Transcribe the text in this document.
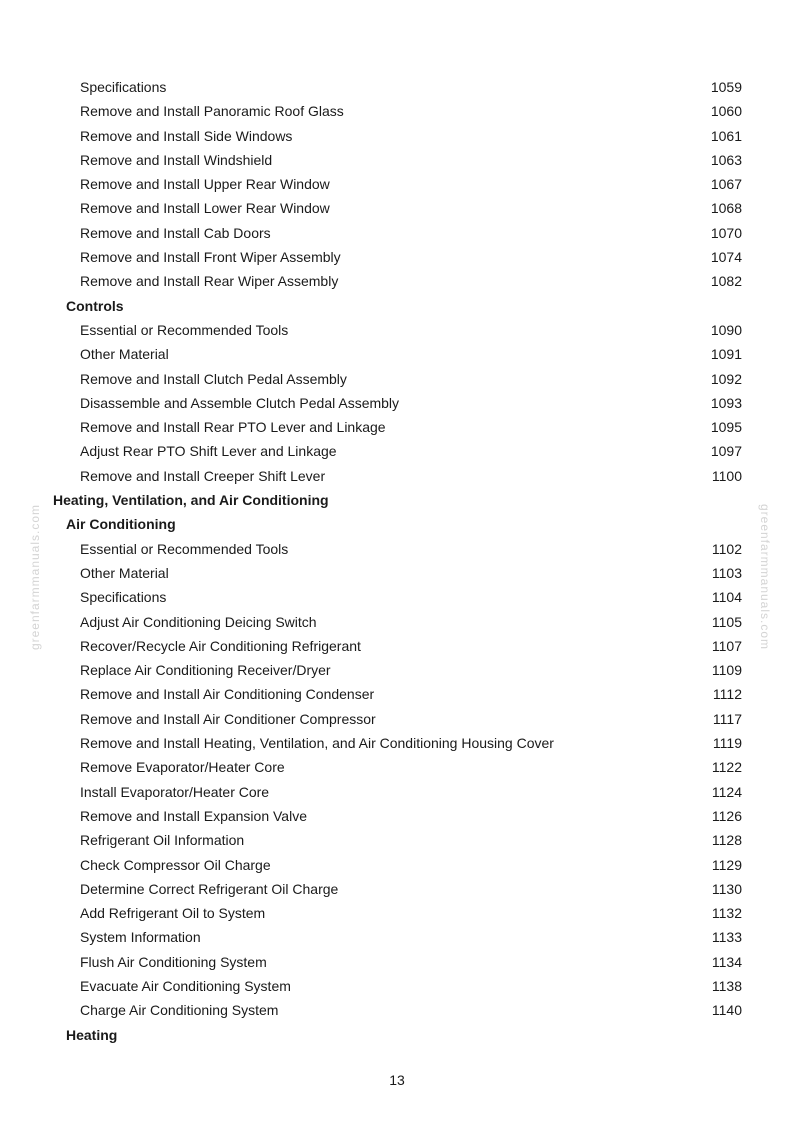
greenfarmmanuals.com	greenfarmmanuals.com
Specifications	1059
Remove and Install Panoramic Roof Glass	1060
Remove and Install Side Windows	1061
Remove and Install Windshield	1063
Remove and Install Upper Rear Window	1067
Remove and Install Lower Rear Window	1068
Remove and Install Cab Doors	1070
Remove and Install Front Wiper Assembly	1074
Remove and Install Rear Wiper Assembly	1082
Controls
Essential or Recommended Tools	1090
Other Material	1091
Remove and Install Clutch Pedal Assembly	1092
Disassemble and Assemble Clutch Pedal Assembly	1093
Remove and Install Rear PTO Lever and Linkage	1095
Adjust Rear PTO Shift Lever and Linkage	1097
Remove and Install Creeper Shift Lever	1100
Heating, Ventilation, and Air Conditioning
Air Conditioning
Essential or Recommended Tools	1102
Other Material	1103
Specifications	1104
Adjust Air Conditioning Deicing Switch	1105
Recover/Recycle Air Conditioning Refrigerant	1107
Replace Air Conditioning Receiver/Dryer	1109
Remove and Install Air Conditioning Condenser	1112
Remove and Install Air Conditioner Compressor	1117
Remove and Install Heating, Ventilation, and Air Conditioning Housing Cover	1119
Remove Evaporator/Heater Core	1122
Install Evaporator/Heater Core	1124
Remove and Install Expansion Valve	1126
Refrigerant Oil Information	1128
Check Compressor Oil Charge	1129
Determine Correct Refrigerant Oil Charge	1130
Add Refrigerant Oil to System	1132
System Information	1133
Flush Air Conditioning System	1134
Evacuate Air Conditioning System	1138
Charge Air Conditioning System	1140
Heating
13
